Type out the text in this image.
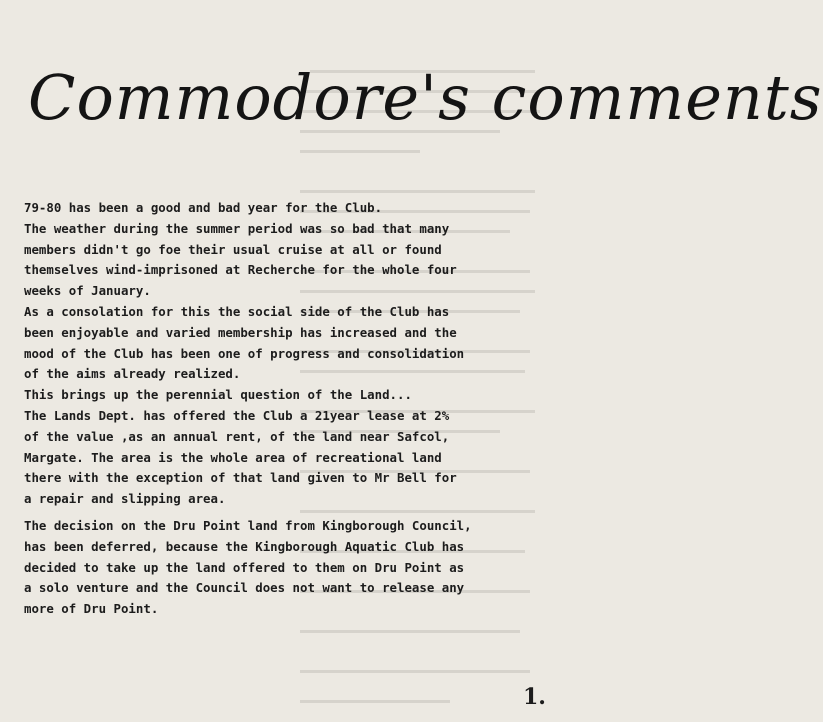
Commodore's comments

79-80 has been a good and bad year for the Club.

The weather during the summer period was so bad that many

members didn't go foe their usual cruise at all or found

themselves wind-imprisoned at Recherche for the whole four

weeks of January.

As a consolation for this the social side of the Club has

been enjoyable and varied membership has increased and the

mood of the Club has been one of progress and consolidation

of the aims already realized.

This brings up the perennial question of the Land...

The Lands Dept. has offered the Club a 21year lease at 2%

of the value ,as an annual rent, of the land near Safcol,

Margate. The area is the whole area of recreational land

there with the exception of that land given to Mr Bell for

a repair and slipping area.

The decision on the Dru Point land from Kingborough Council,

has been deferred, because the Kingborough Aquatic Club has

decided to take up the land offered to them on Dru Point as

a solo venture and the Council does not want to release any

more of Dru Point.

1.
